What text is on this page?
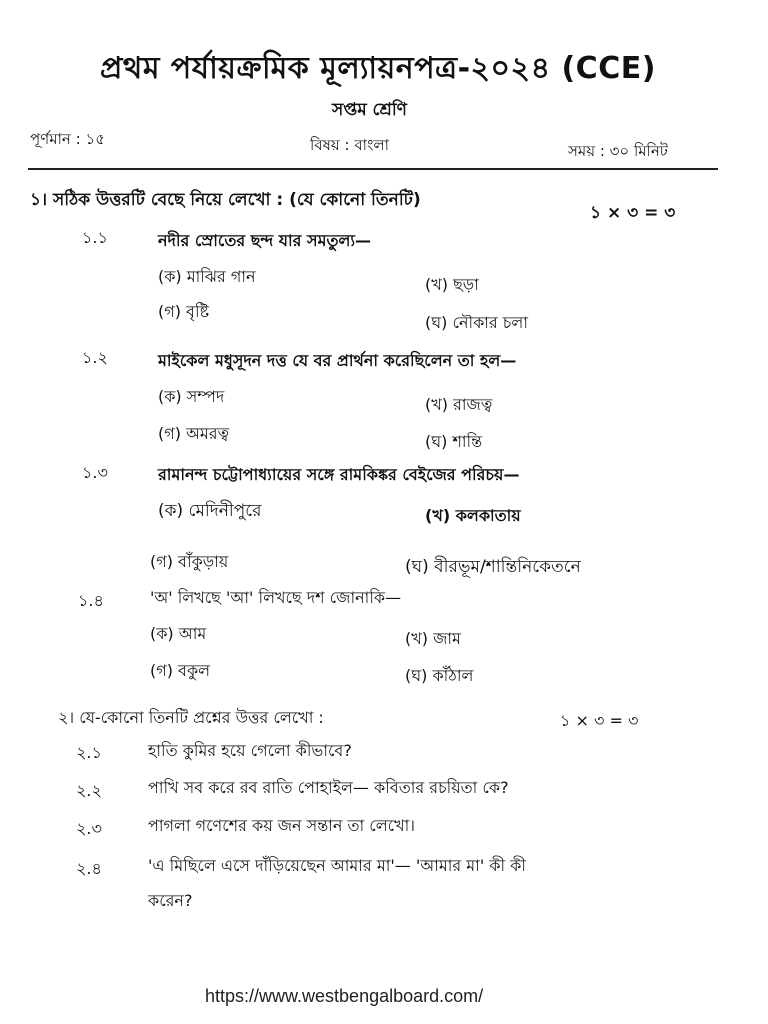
প্রথম পর্যায়ক্রমিক মূল্যায়নপত্র-২০২৪ (CCE)
সপ্তম শ্রেণি
পূর্ণমান : ১৫	বিষয় : বাংলা	সময় : ৩০ মিনিট
১। সঠিক উত্তরটি বেছে নিয়ে লেখো : (যে কোনো তিনটি)
১ × ৩ = ৩
১.১	নদীর স্রোতের ছন্দ যার সমতুল্য—
(ক) মাঝির গান	(খ) ছড়া
(গ) বৃষ্টি
(ঘ) নৌকার চলা
১.২	মাইকেল মধুসূদন দত্ত যে বর প্রার্থনা করেছিলেন তা হল—
(ক) সম্পদ	(খ) রাজত্ব
(গ) অমরত্ব	(ঘ) শান্তি
১.৩	রামানন্দ চট্টোপাধ্যায়ের সঙ্গে রামকিঙ্কর বেইজের পরিচয়—
(ক) মেদিনীপুরে	(খ) কলকাতায়
(গ) বাঁকুড়ায়	(ঘ) বীরভূম/শান্তিনিকেতনে
১.৪	'অ' লিখছে 'আ' লিখছে দশ জোনাকি—
(ক) আম	(খ) জাম
(গ) বকুল	(ঘ) কাঁঠাল
২। যে-কোনো তিনটি প্রশ্নের উত্তর লেখো :	১ × ৩ = ৩
২.১	হাতি কুমির হয়ে গেলো কীভাবে?
২.২	পাখি সব করে রব রাতি পোহাইল— কবিতার রচয়িতা কে?
২.৩	পাগলা গণেশের কয় জন সন্তান তা লেখো।
২.৪	'এ মিছিলে এসে দাঁড়িয়েছেন আমার মা'— 'আমার মা' কী কী
করেন?
https://www.westbengalboard.com/
